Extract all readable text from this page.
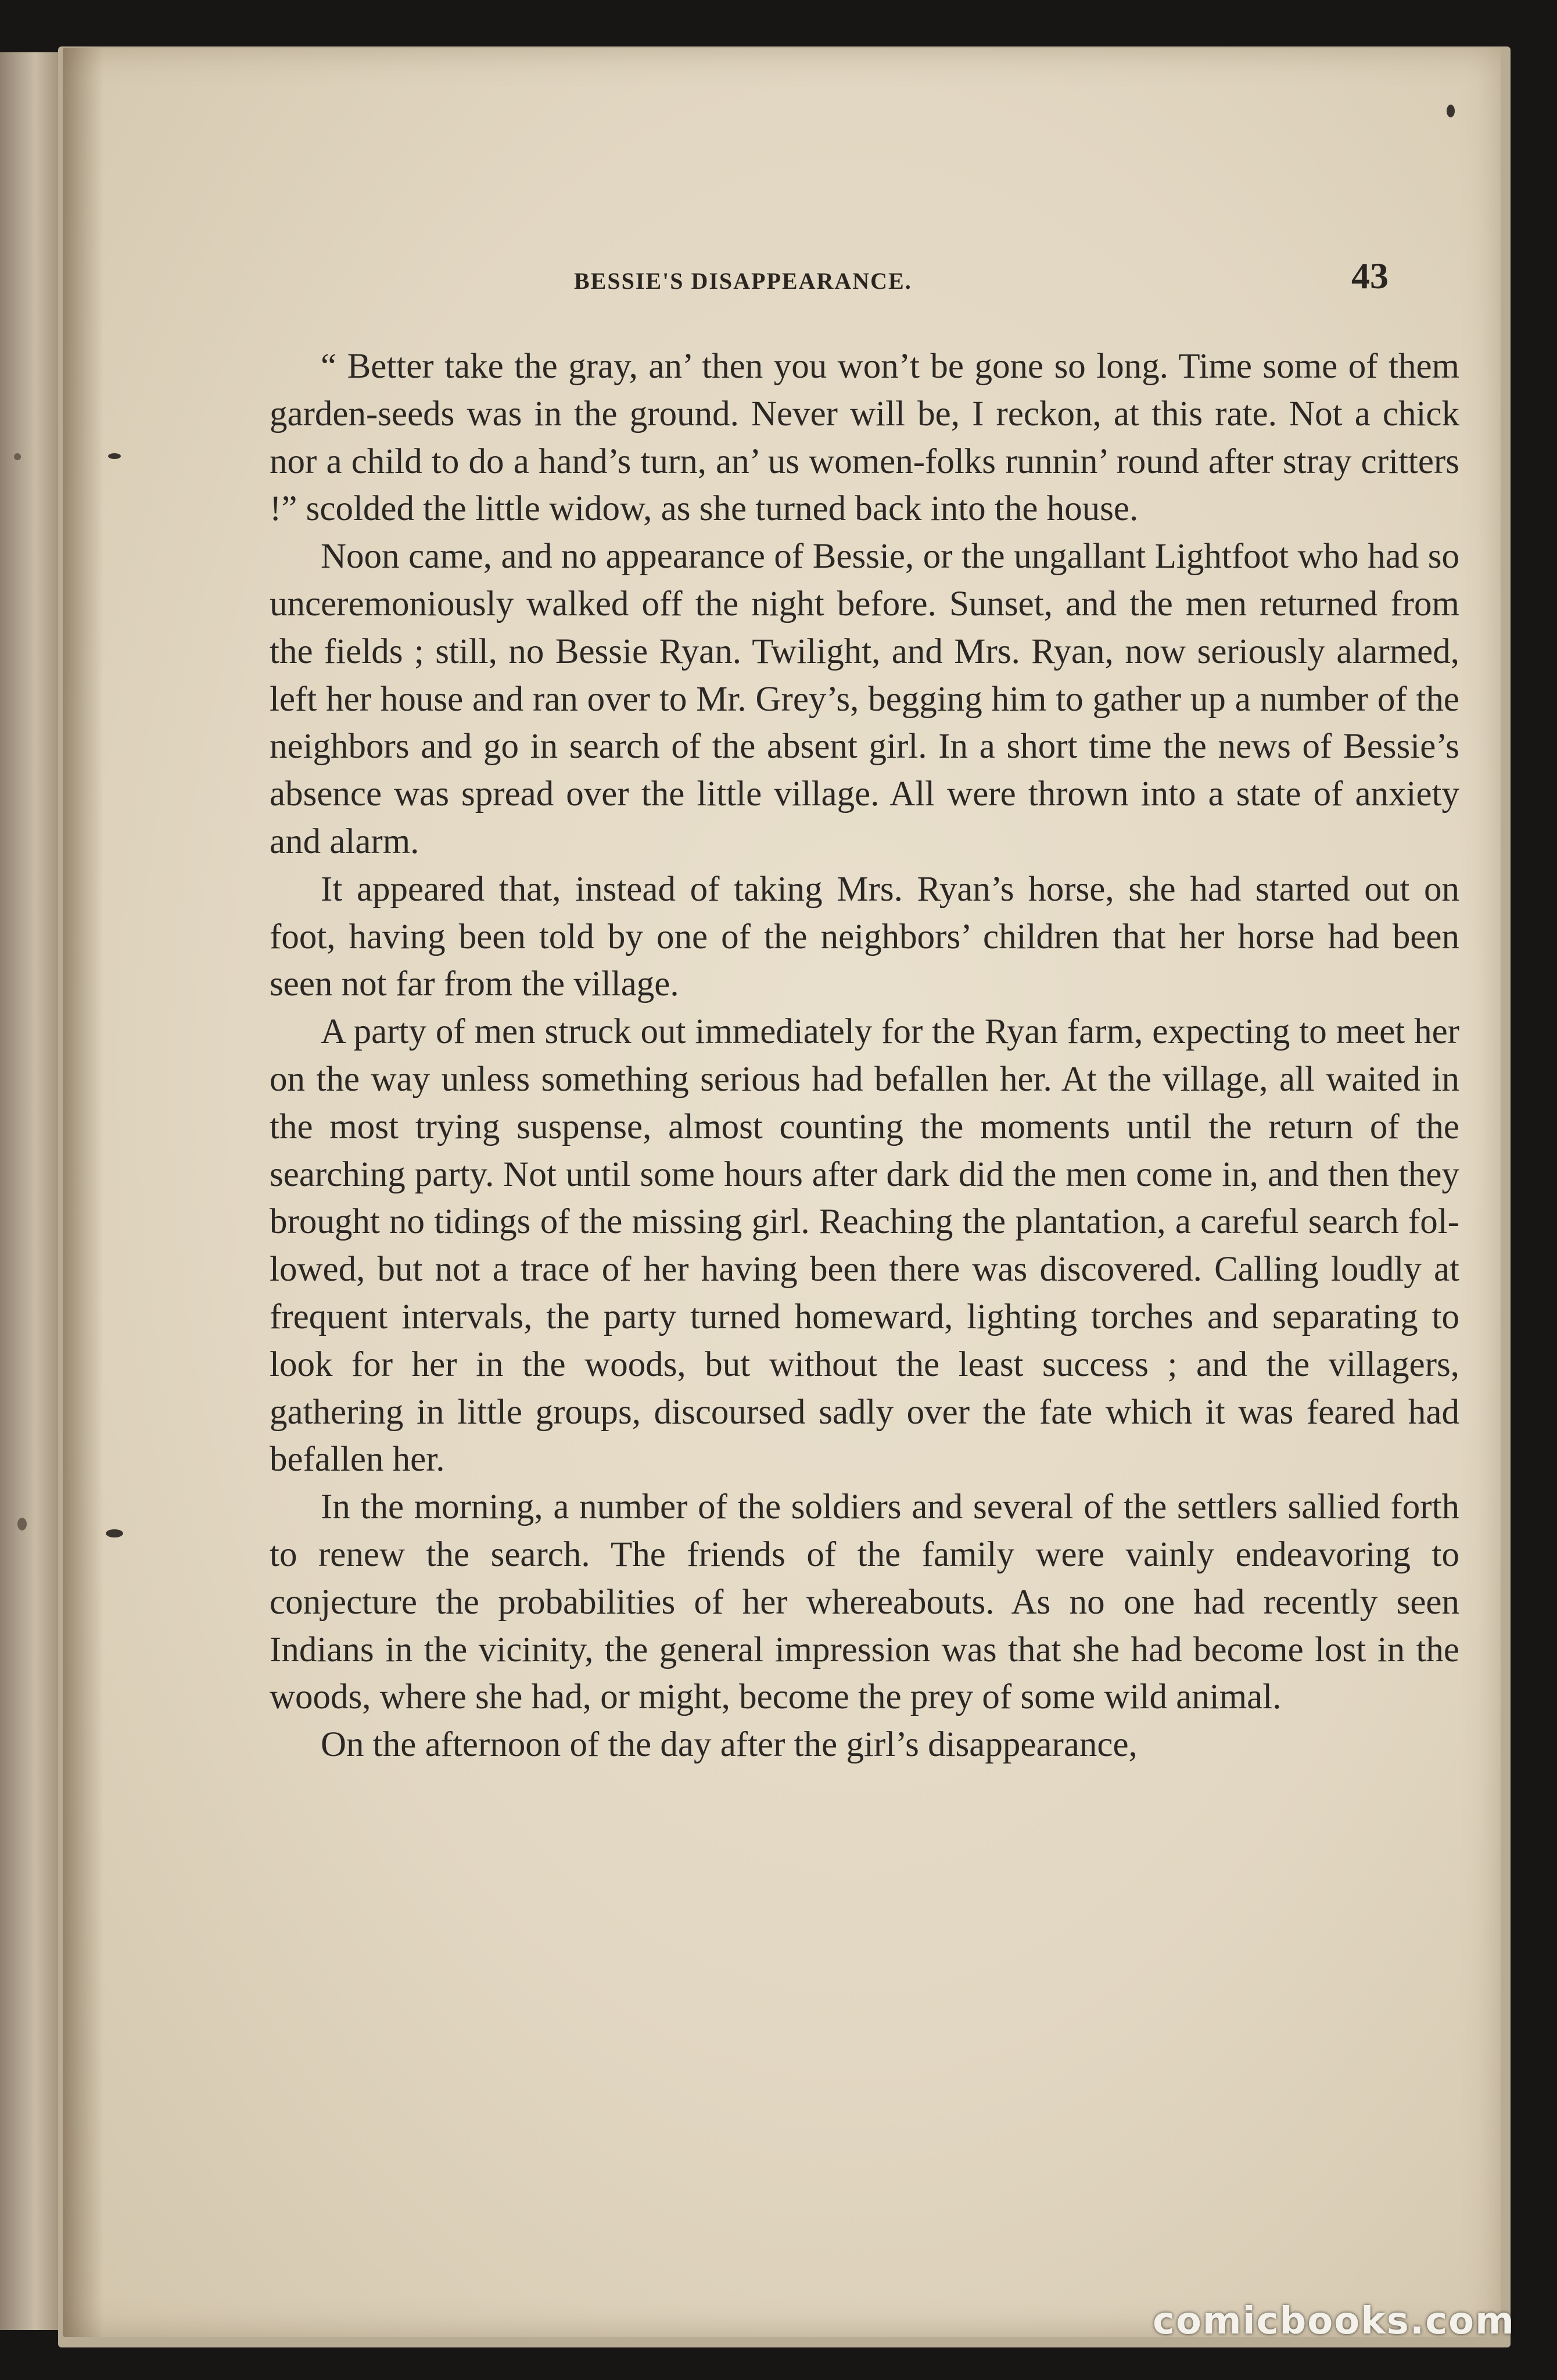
BESSIE'S DISAPPEARANCE.	43

“ Better take the gray, an’ then you won’t be gone so long. Time some of them garden-seeds was in the ground. Never will be, I reckon, at this rate. Not a chick nor a child to do a hand’s turn, an’ us women-folks runnin’ round after stray critters !” scolded the little widow, as she turned back into the house.

Noon came, and no appearance of Bessie, or the ungallant Lightfoot who had so unceremoniously walked off the night before. Sunset, and the men returned from the fields ; still, no Bessie Ryan. Twilight, and Mrs. Ryan, now seriously alarmed, left her house and ran over to Mr. Grey’s, begging him to gather up a number of the neighbors and go in search of the absent girl. In a short time the news of Bessie’s absence was spread over the little village. All were thrown into a state of anxiety and alarm.

It appeared that, instead of taking Mrs. Ryan’s horse, she had started out on foot, having been told by one of the neighbors’ children that her horse had been seen not far from the village.

A party of men struck out immediately for the Ryan farm, expecting to meet her on the way unless something serious had befallen her. At the village, all waited in the most trying suspense, almost counting the moments until the return of the searching party. Not until some hours after dark did the men come in, and then they brought no tidings of the missing girl. Reaching the plantation, a careful search followed, but not a trace of her having been there was discovered. Calling loudly at frequent intervals, the party turned homeward, lighting torches and separating to look for her in the woods, but without the least success ; and the villagers, gathering in little groups, discoursed sadly over the fate which it was feared had befallen her.

In the morning, a number of the soldiers and several of the settlers sallied forth to renew the search. The friends of the family were vainly endeavoring to conjecture the probabilities of her whereabouts. As no one had recently seen Indians in the vicinity, the general impression was that she had become lost in the woods, where she had, or might, become the prey of some wild animal.

On the afternoon of the day after the girl’s disappearance,

comicbooks.com
